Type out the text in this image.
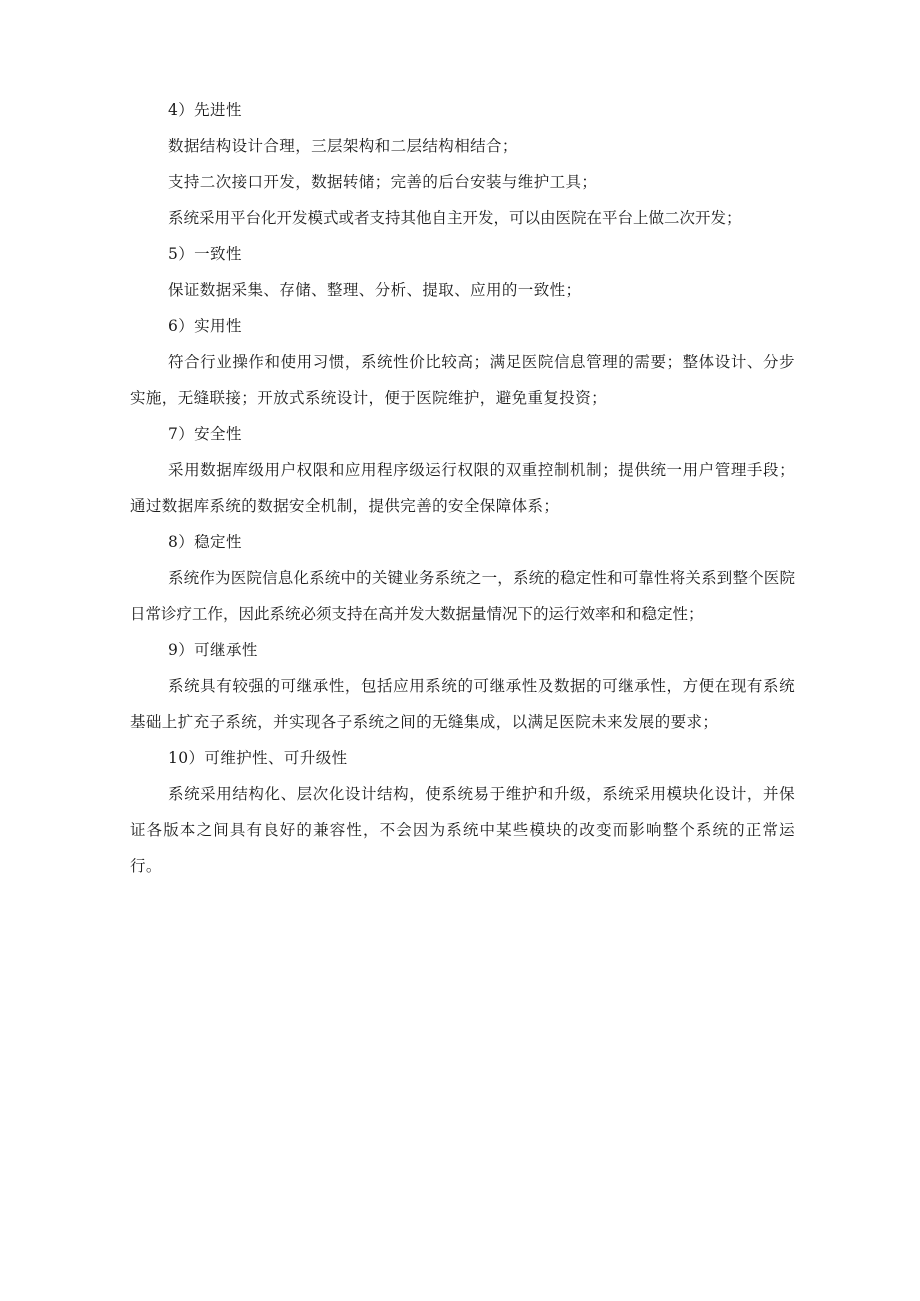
4）先进性

数据结构设计合理，三层架构和二层结构相结合；

支持二次接口开发，数据转储；完善的后台安装与维护工具；

系统采用平台化开发模式或者支持其他自主开发，可以由医院在平台上做二次开发；

5）一致性

保证数据采集、存储、整理、分析、提取、应用的一致性；

6）实用性

符合行业操作和使用习惯，系统性价比较高；满足医院信息管理的需要；整体设计、分步实施，无缝联接；开放式系统设计，便于医院维护，避免重复投资；

7）安全性

采用数据库级用户权限和应用程序级运行权限的双重控制机制；提供统一用户管理手段；通过数据库系统的数据安全机制，提供完善的安全保障体系；

8）稳定性

系统作为医院信息化系统中的关键业务系统之一，系统的稳定性和可靠性将关系到整个医院日常诊疗工作，因此系统必须支持在高并发大数据量情况下的运行效率和和稳定性；

9）可继承性

系统具有较强的可继承性，包括应用系统的可继承性及数据的可继承性，方便在现有系统基础上扩充子系统，并实现各子系统之间的无缝集成，以满足医院未来发展的要求；

10）可维护性、可升级性

系统采用结构化、层次化设计结构，使系统易于维护和升级，系统采用模块化设计，并保证各版本之间具有良好的兼容性，不会因为系统中某些模块的改变而影响整个系统的正常运行。
